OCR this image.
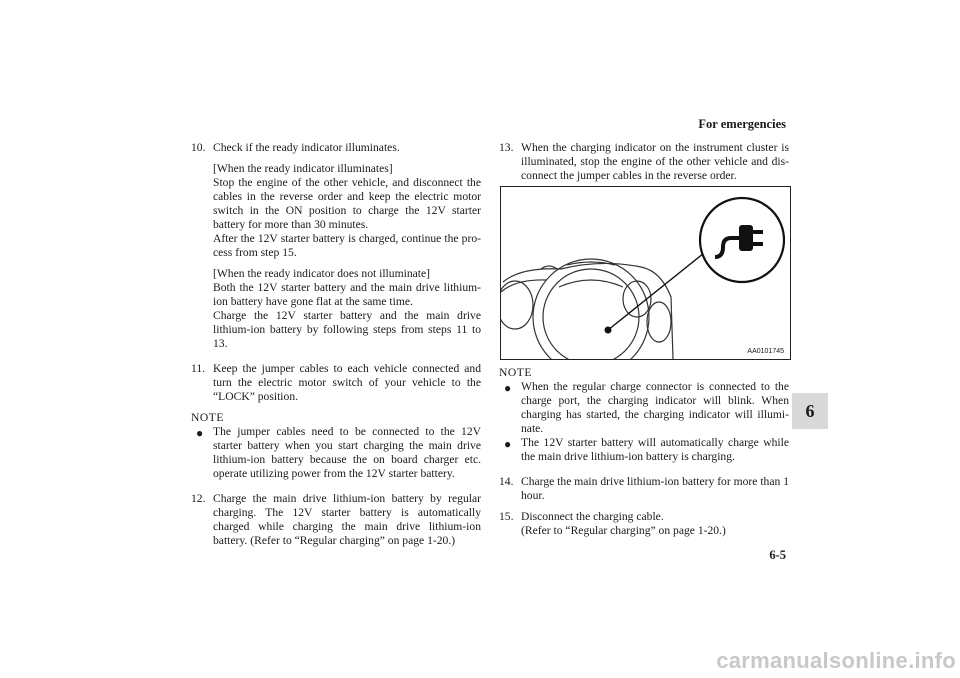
For emergencies
6
6-5
10. Check if the ready indicator illuminates.
[When the ready indicator illuminates]
Stop the engine of the other vehicle, and disconnect the cables in the reverse order and keep the electric motor switch in the ON position to charge the 12V starter battery for more than 30 minutes.
After the 12V starter battery is charged, continue the pro-cess from step 15.
[When the ready indicator does not illuminate]
Both the 12V starter battery and the main drive lithium-ion battery have gone flat at the same time.
Charge the 12V starter battery and the main drive lithium-ion battery by following steps from steps 11 to 13.
11. Keep the jumper cables to each vehicle connected and turn the electric motor switch of your vehicle to the “LOCK” position.
NOTE
● The jumper cables need to be connected to the 12V starter battery when you start charging the main drive lithium-ion battery because the on board charger etc. operate utilizing power from the 12V starter battery.
12. Charge the main drive lithium-ion battery by regular charging. The 12V starter battery is automatically charged while charging the main drive lithium-ion battery. (Refer to “Regular charging” on page 1-20.)
13. When the charging indicator on the instrument cluster is illuminated, stop the engine of the other vehicle and dis-connect the jumper cables in the reverse order.
AA0101745
NOTE
● When the regular charge connector is connected to the charge port, the charging indicator will blink. When charging has started, the charging indicator will illumi-nate.
● The 12V starter battery will automatically charge while the main drive lithium-ion battery is charging.
14. Charge the main drive lithium-ion battery for more than 1 hour.
15. Disconnect the charging cable.
(Refer to “Regular charging” on page 1-20.)
carmanualsonline.info
